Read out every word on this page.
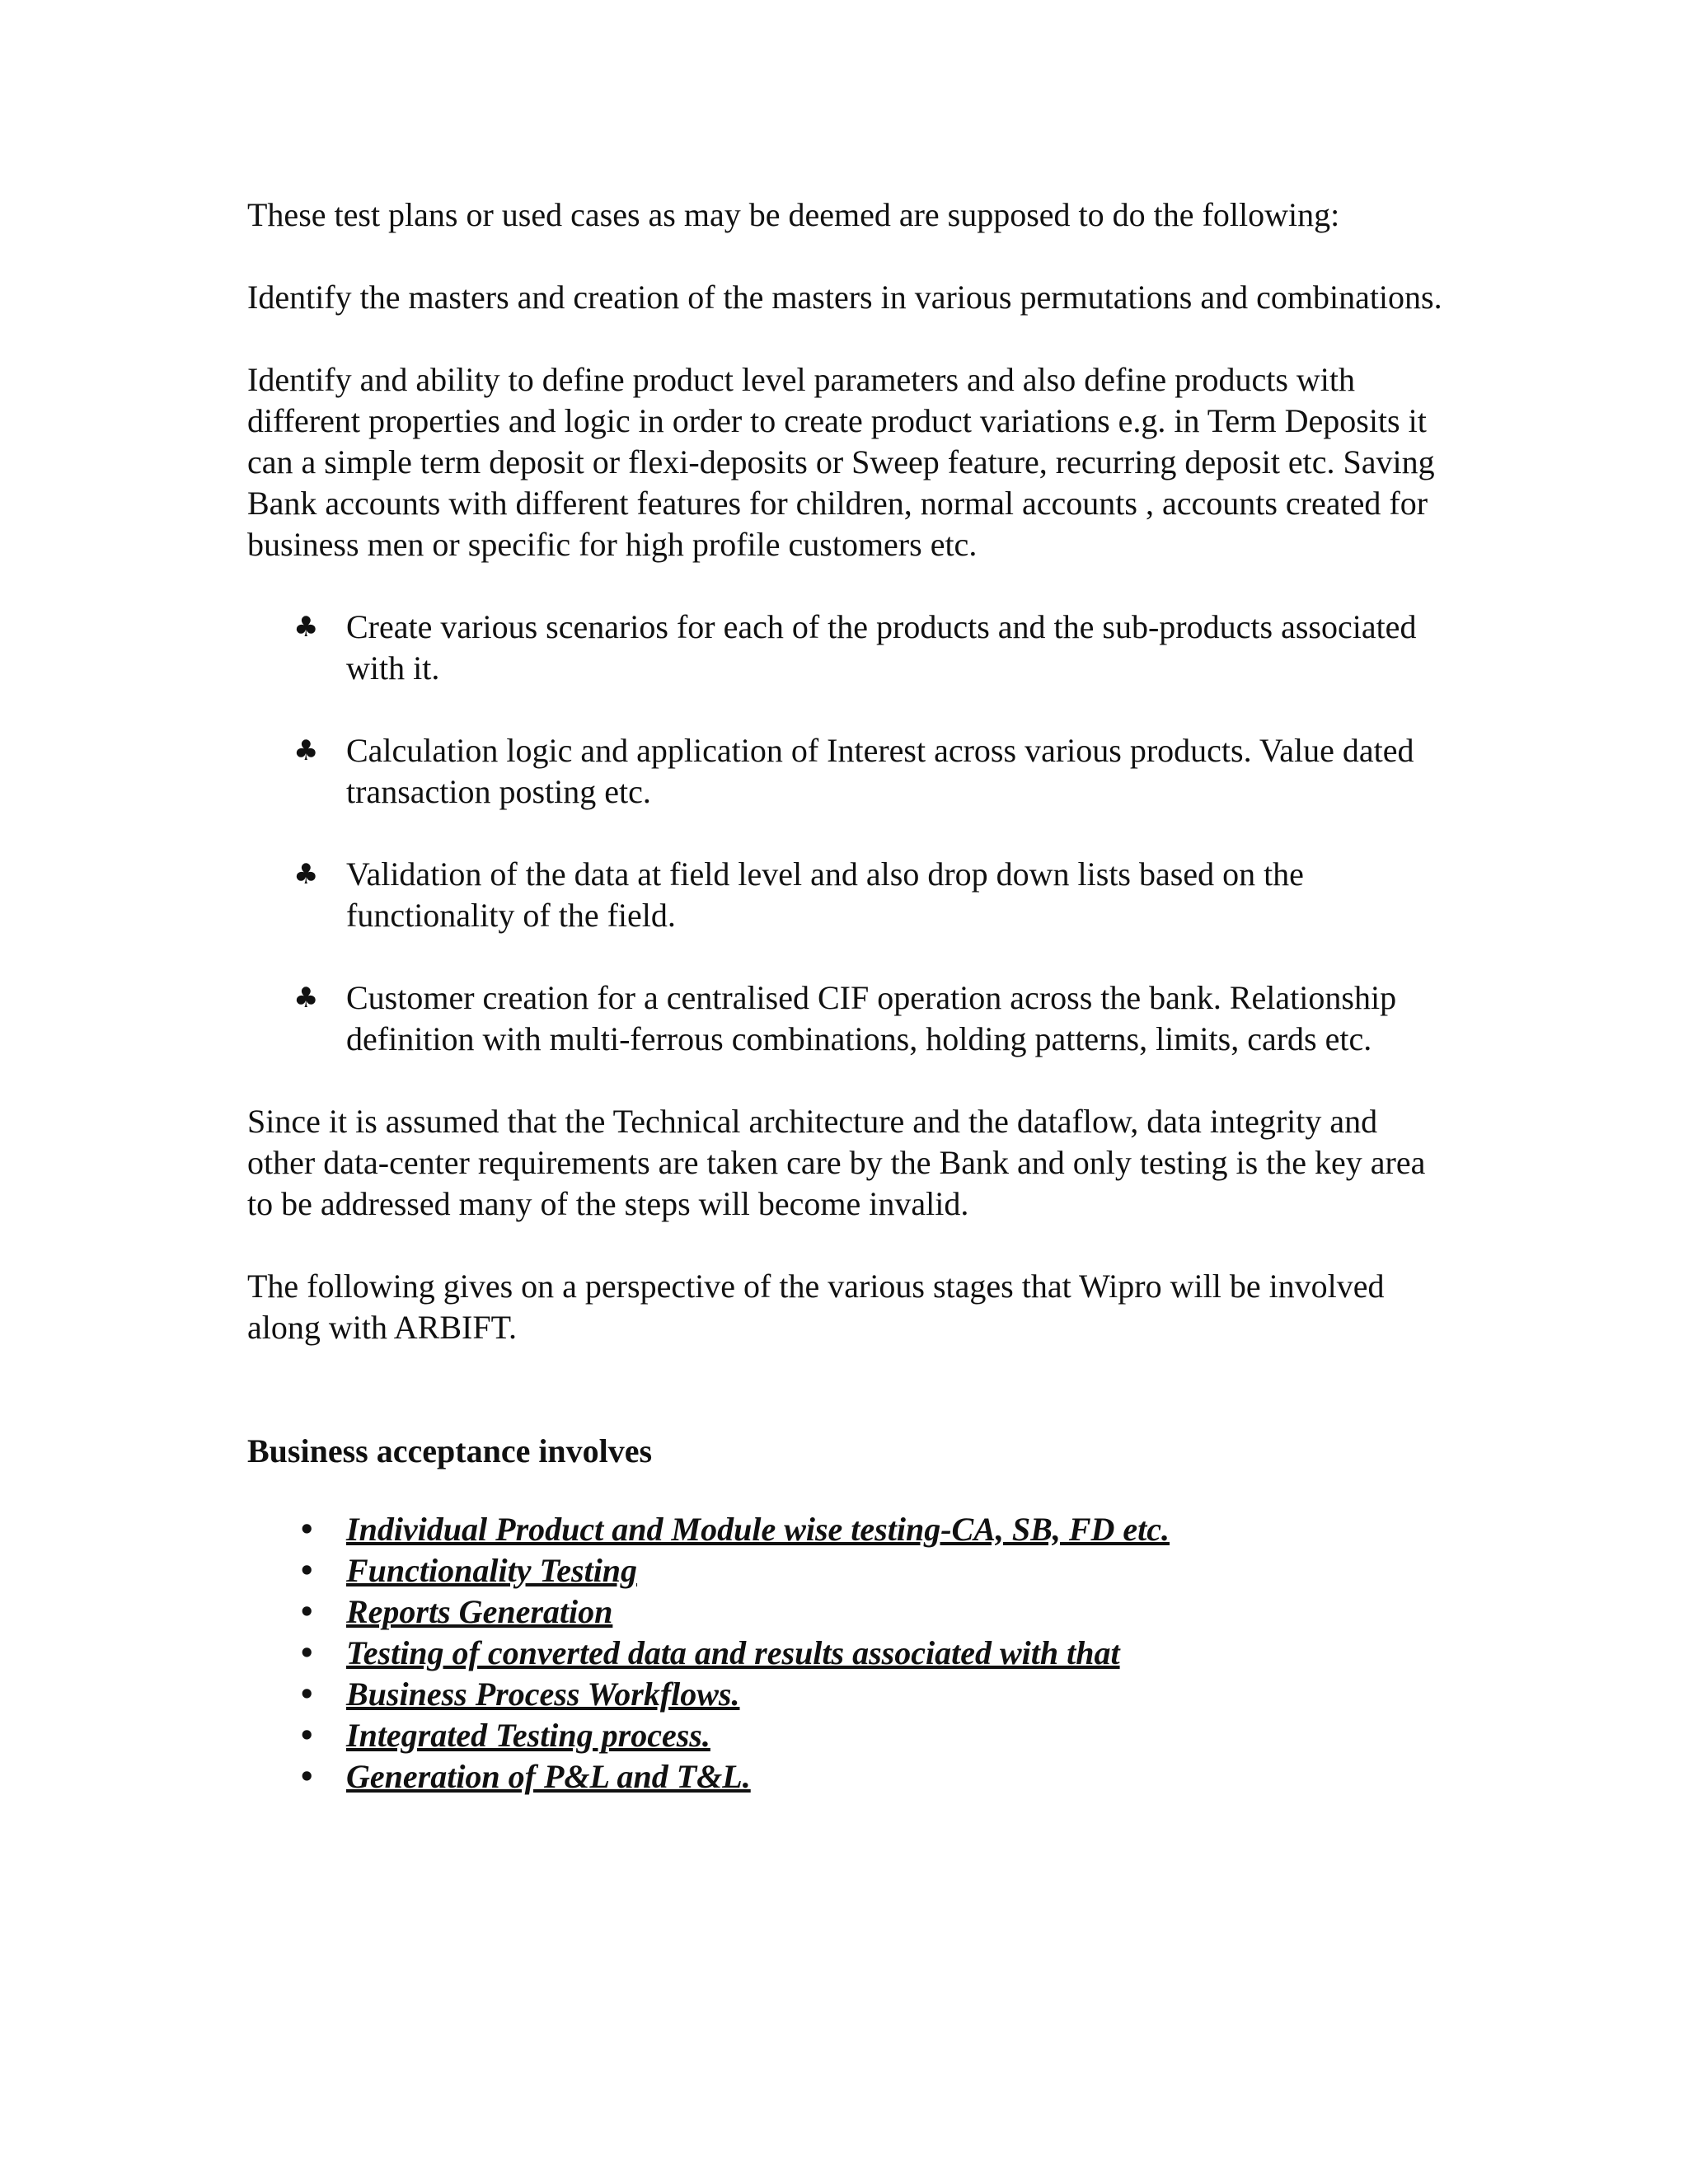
These test plans or used cases as may be deemed are supposed to do the following:

Identify the masters and creation of the masters in various permutations and combinations.

Identify and ability to define product level parameters and also define products with different properties and logic in order to create product variations e.g. in Term Deposits it can a simple term deposit or flexi-deposits or Sweep feature, recurring deposit etc. Saving Bank accounts with different features for children, normal accounts , accounts created for business men or specific for high profile customers etc.

♣ Create various scenarios for each of the products and the sub-products associated with it.
♣ Calculation logic and application of Interest across various products. Value dated transaction posting etc.
♣ Validation of the data at field level and also drop down lists based on the functionality of the field.
♣ Customer creation for a centralised CIF operation across the bank. Relationship definition with multi-ferrous combinations, holding patterns, limits, cards etc.

Since it is assumed that the Technical architecture and the dataflow, data integrity and other data-center requirements are taken care by the Bank and only testing is the key area to be addressed many of the steps will become invalid.

The following gives on a perspective of the various stages that Wipro will be involved along with ARBIFT.

Business acceptance involves

• Individual Product and Module wise testing-CA, SB, FD etc.
• Functionality Testing
• Reports Generation
• Testing of converted data and results associated with that
• Business Process Workflows.
• Integrated Testing process.
• Generation of P&L and T&L.
